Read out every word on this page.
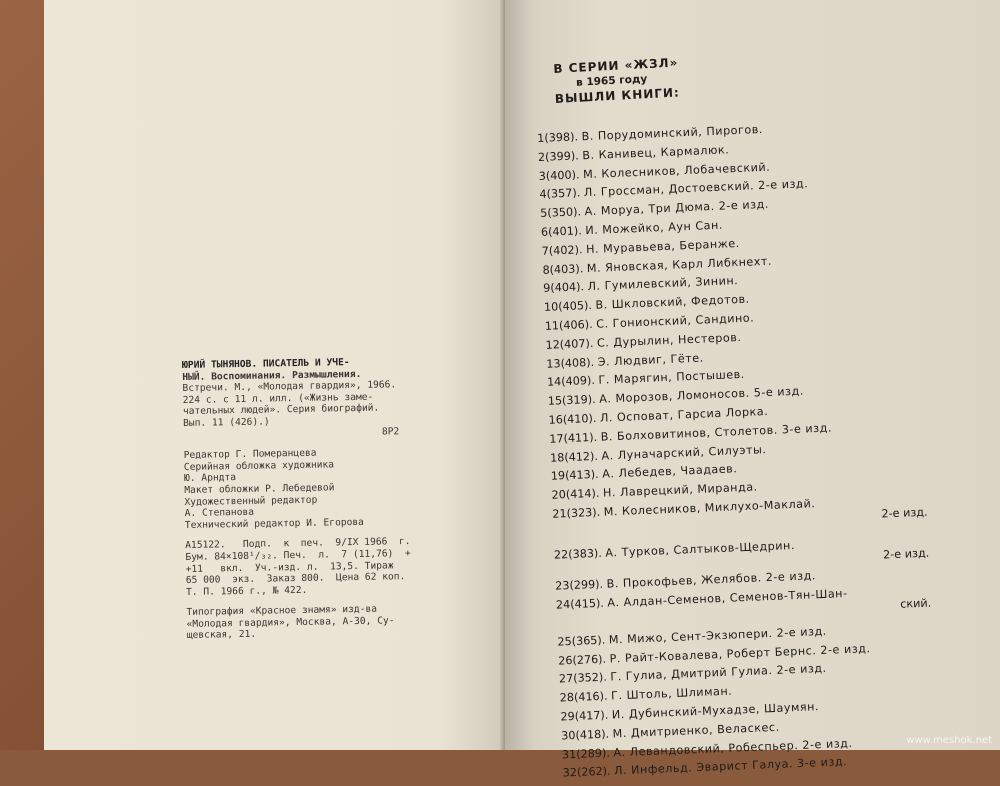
ЮРИЙ ТЫНЯНОВ. ПИСАТЕЛЬ И УЧЕ-
НЫЙ. Воспоминания. Размышления.
Встречи. М., «Молодая гвардия», 1966.
224 с. с 11 л. илл. («Жизнь заме-
чательных людей». Серия биографий.
Вып. 11 (426).)
8Р2
Редактор Г. Померанцева
Серийная обложка художника
Ю. Арндта
Макет обложки Р. Лебедевой
Художественный редактор
А. Степанова
Технический редактор И. Егорова
А15122.   Подп.  к  печ.  9/IX 1966  г.
Бум. 84×108¹/₃₂. Печ.  л.  7 (11,76)  +
+11   вкл.  Уч.-изд. л.  13,5. Тираж
65 000  экз.  Заказ 800.  Цена 62 коп.
Т. П. 1966 г., № 422.
Типография «Красное знамя» изд-ва
«Молодая гвардия», Москва, А-30, Су-
щевская, 21.
В СЕРИИ «ЖЗЛ»
в 1965 году
ВЫШЛИ КНИГИ:
1(398). В. Порудоминский, Пирогов.
2(399). В. Канивец, Кармалюк.
3(400). М. Колесников, Лобачевский.
4(357). Л. Гроссман, Достоевский. 2-е изд.
5(350). А. Моруа, Три Дюма. 2-е изд.
6(401). И. Можейко, Аун Сан.
7(402). Н. Муравьева, Беранже.
8(403). М. Яновская, Карл Либкнехт.
9(404). Л. Гумилевский, Зинин.
10(405). В. Шкловский, Федотов.
11(406). С. Гонионский, Сандино.
12(407). С. Дурылин, Нестеров.
13(408). Э. Людвиг, Гёте.
14(409). Г. Марягин, Постышев.
15(319). А. Морозов, Ломоносов. 5-е изд.
16(410). Л. Осповат, Гарсиа Лорка.
17(411). В. Болховитинов, Столетов. 3-е изд.
18(412). А. Луначарский, Силуэты.
19(413). А. Лебедев, Чаадаев.
20(414). Н. Лаврецкий, Миранда.
21(323). М. Колесников, Миклухо-Маклай.	2-е изд.
22(383). А. Турков, Салтыков-Щедрин.	2-е изд.
23(299). В. Прокофьев, Желябов. 2-е изд.
24(415). А. Алдан-Семенов, Семенов-Тян-Шан-	ский.
25(365). М. Мижо, Сент-Экзюпери. 2-е изд.
26(276). Р. Райт-Ковалева, Роберт Бернс. 2-е изд.
27(352). Г. Гулиа, Дмитрий Гулиа. 2-е изд.
28(416). Г. Штоль, Шлиман.
29(417). И. Дубинский-Мухадзе, Шаумян.
30(418). М. Дмитриенко, Веласкес.
31(289). А. Левандовский, Робеспьер. 2-е изд.
32(262). Л. Инфельд. Эварист Галуа. 3-е изд.
www.meshok.net
